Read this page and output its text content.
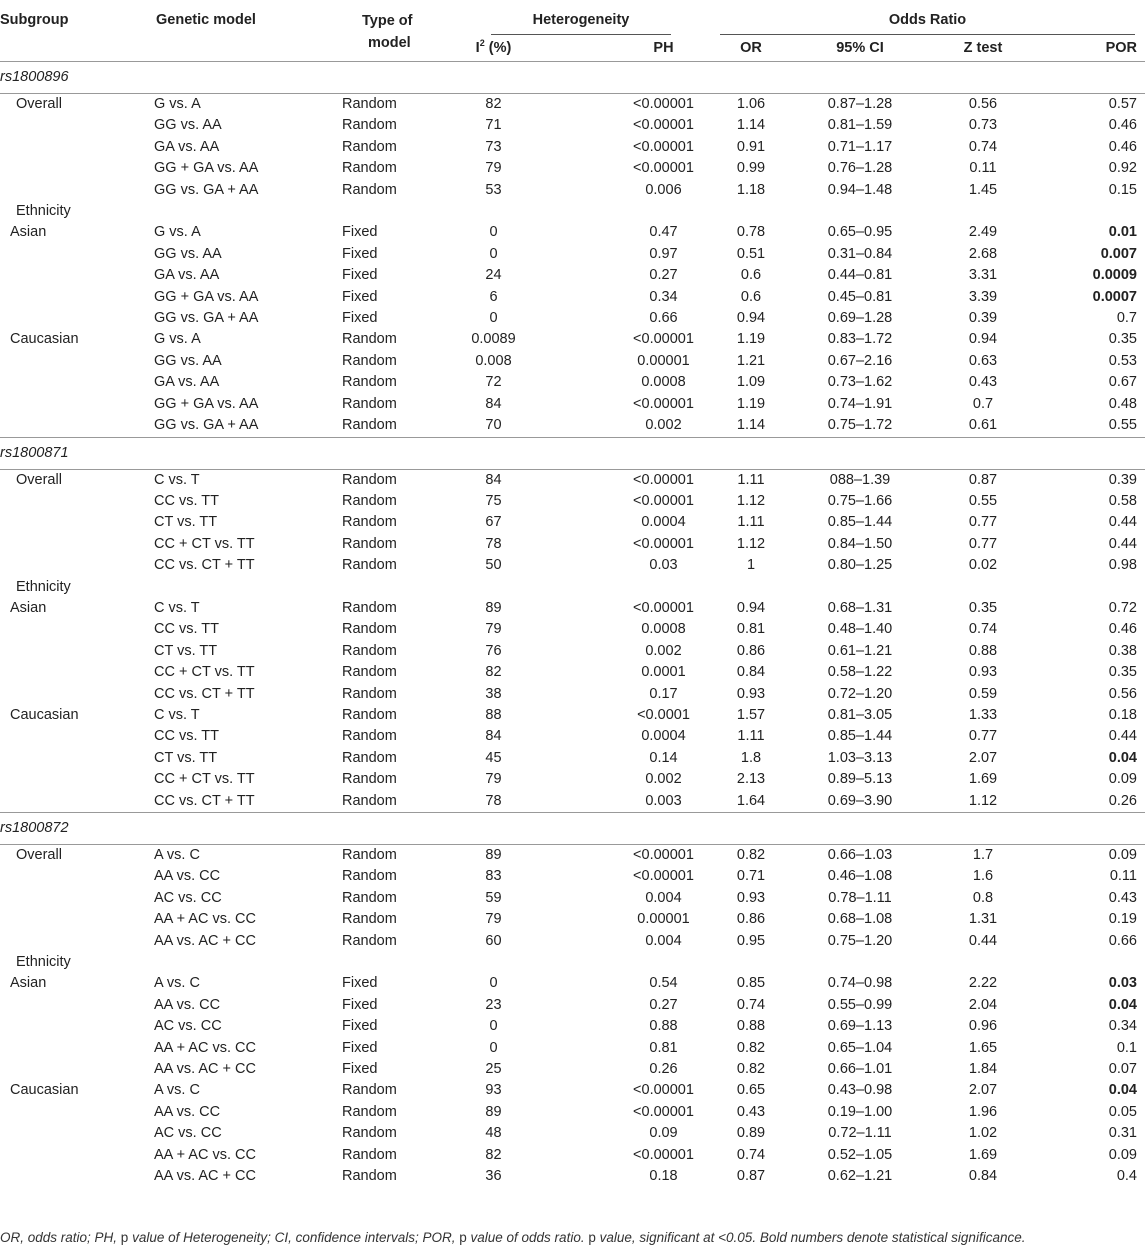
Subgroup	Genetic model	Type of
model	Heterogeneity		Odds Ratio			
			$I^2$ (%)	PH	OR	95% CI	Z test	POR
rs1800896								
Overall	G vs. A	Random	82	<0.00001	1.06	0.87–1.28	0.56	0.57
	GG vs. AA	Random	71	<0.00001	1.14	0.81–1.59	0.73	0.46
	GA vs. AA	Random	73	<0.00001	0.91	0.71–1.17	0.74	0.46
	GG + GA vs. AA	Random	79	<0.00001	0.99	0.76–1.28	0.11	0.92
	GG vs. GA + AA	Random	53	0.006	1.18	0.94–1.48	1.45	0.15
Ethnicity								
Asian	G vs. A	Fixed	0	0.47	0.78	0.65–0.95	2.49	0.01
	GG vs. AA	Fixed	0	0.97	0.51	0.31–0.84	2.68	0.007
	GA vs. AA	Fixed	24	0.27	0.6	0.44–0.81	3.31	0.0009
	GG + GA vs. AA	Fixed	6	0.34	0.6	0.45–0.81	3.39	0.0007
	GG vs. GA + AA	Fixed	0	0.66	0.94	0.69–1.28	0.39	0.7
Caucasian	G vs. A	Random	0.0089	<0.00001	1.19	0.83–1.72	0.94	0.35
	GG vs. AA	Random	0.008	0.00001	1.21	0.67–2.16	0.63	0.53
	GA vs. AA	Random	72	0.0008	1.09	0.73–1.62	0.43	0.67
	GG + GA vs. AA	Random	84	<0.00001	1.19	0.74–1.91	0.7	0.48
	GG vs. GA + AA	Random	70	0.002	1.14	0.75–1.72	0.61	0.55
rs1800871								
Overall	C vs. T	Random	84	<0.00001	1.11	088–1.39	0.87	0.39
	CC vs. TT	Random	75	<0.00001	1.12	0.75–1.66	0.55	0.58
	CT vs. TT	Random	67	0.0004	1.11	0.85–1.44	0.77	0.44
	CC + CT vs. TT	Random	78	<0.00001	1.12	0.84–1.50	0.77	0.44
	CC vs. CT + TT	Random	50	0.03	1	0.80–1.25	0.02	0.98
Ethnicity								
Asian	C vs. T	Random	89	<0.00001	0.94	0.68–1.31	0.35	0.72
	CC vs. TT	Random	79	0.0008	0.81	0.48–1.40	0.74	0.46
	CT vs. TT	Random	76	0.002	0.86	0.61–1.21	0.88	0.38
	CC + CT vs. TT	Random	82	0.0001	0.84	0.58–1.22	0.93	0.35
	CC vs. CT + TT	Random	38	0.17	0.93	0.72–1.20	0.59	0.56
Caucasian	C vs. T	Random	88	<0.0001	1.57	0.81–3.05	1.33	0.18
	CC vs. TT	Random	84	0.0004	1.11	0.85–1.44	0.77	0.44
	CT vs. TT	Random	45	0.14	1.8	1.03–3.13	2.07	0.04
	CC + CT vs. TT	Random	79	0.002	2.13	0.89–5.13	1.69	0.09
	CC vs. CT + TT	Random	78	0.003	1.64	0.69–3.90	1.12	0.26
rs1800872								
Overall	A vs. C	Random	89	<0.00001	0.82	0.66–1.03	1.7	0.09
	AA vs. CC	Random	83	<0.00001	0.71	0.46–1.08	1.6	0.11
	AC vs. CC	Random	59	0.004	0.93	0.78–1.11	0.8	0.43
	AA + AC vs. CC	Random	79	0.00001	0.86	0.68–1.08	1.31	0.19
	AA vs. AC + CC	Random	60	0.004	0.95	0.75–1.20	0.44	0.66
Ethnicity								
Asian	A vs. C	Fixed	0	0.54	0.85	0.74–0.98	2.22	0.03
	AA vs. CC	Fixed	23	0.27	0.74	0.55–0.99	2.04	0.04
	AC vs. CC	Fixed	0	0.88	0.88	0.69–1.13	0.96	0.34
	AA + AC vs. CC	Fixed	0	0.81	0.82	0.65–1.04	1.65	0.1
	AA vs. AC + CC	Fixed	25	0.26	0.82	0.66–1.01	1.84	0.07
Caucasian	A vs. C	Random	93	<0.00001	0.65	0.43–0.98	2.07	0.04
	AA vs. CC	Random	89	<0.00001	0.43	0.19–1.00	1.96	0.05
	AC vs. CC	Random	48	0.09	0.89	0.72–1.11	1.02	0.31
	AA + AC vs. CC	Random	82	<0.00001	0.74	0.52–1.05	1.69	0.09
	AA vs. AC + CC	Random	36	0.18	0.87	0.62–1.21	0.84	0.4
OR, odds ratio; PH, p value of Heterogeneity; CI, confidence intervals; POR, p value of odds ratio. p value, significant at <0.05. Bold numbers denote statistical significance.
